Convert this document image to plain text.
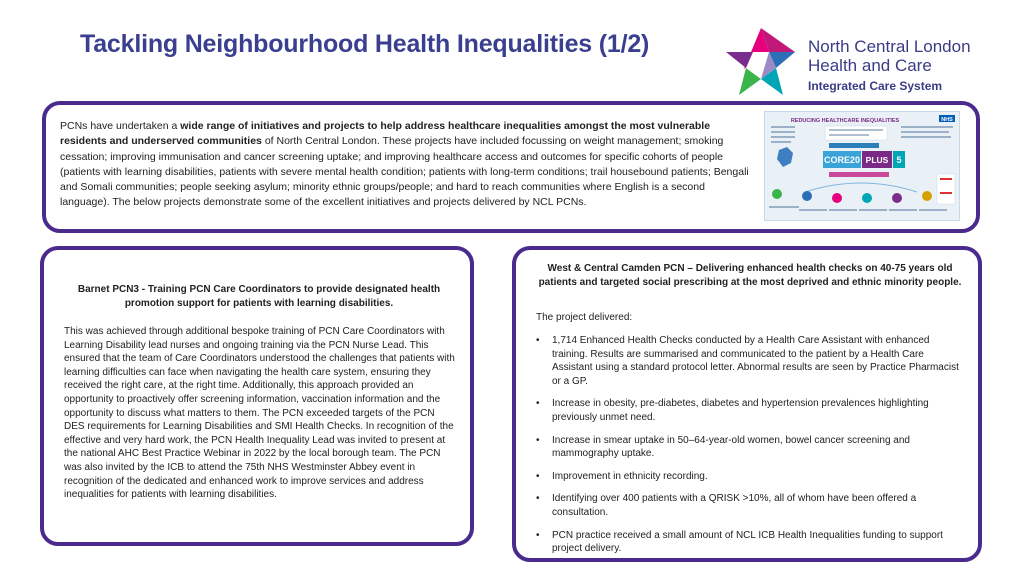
Tackling Neighbourhood Health Inequalities (1/2)	North Central London
Health and Care
Integrated Care System

PCNs have undertaken a wide range of initiatives and projects to help address healthcare inequalities amongst the most vulnerable residents and underserved communities of North Central London. These projects have included focussing on weight management; smoking cessation; improving immunisation and cancer screening uptake; and improving healthcare access and outcomes for specific cohorts of people (patients with learning disabilities, patients with severe mental health condition; patients with long-term conditions; trail housebound patients; Bengali and Somali communities; people seeking asylum; minority ethnic groups/people; and hard to reach communities where English is a second language). The below projects demonstrate some of the excellent initiatives and projects delivered by NCL PCNs.

REDUCING HEALTHCARE INEQUALITIES	NHS
CORE20 PLUS 5
Barnet PCN3 - Training PCN Care Coordinators to provide designated health promotion support for patients with learning disabilities.
This was achieved through additional bespoke training of PCN Care Coordinators with Learning Disability lead nurses and ongoing training via the PCN Nurse Lead. This ensured that the team of Care Coordinators understood the challenges that patients with learning difficulties can face when navigating the health care system, ensuring they received the right care, at the right time. Additionally, this approach provided an opportunity to proactively offer screening information, vaccination information and the opportunity to discuss what matters to them. The PCN exceeded targets of the PCN DES requirements for Learning Disabilities and SMI Health Checks. In recognition of the effective and very hard work, the PCN Health Inequality Lead was invited to present at the national AHC Best Practice Webinar in 2022 by the local borough team. The PCN was also invited by the ICB to attend the 75th NHS Westminster Abbey event in recognition of the dedicated and enhanced work to improve services and address inequalities for patients with learning disabilities.
West & Central Camden PCN – Delivering enhanced health checks on 40-75 years old patients and targeted social prescribing at the most deprived and ethnic minority people.
The project delivered:
• 1,714 Enhanced Health Checks conducted by a Health Care Assistant with enhanced training. Results are summarised and communicated to the patient by a Health Care Assistant using a standard protocol letter. Abnormal results are seen by Practice Pharmacist or a GP.
• Increase in obesity, pre-diabetes, diabetes and hypertension prevalences highlighting previously unmet need.
• Increase in smear uptake in 50–64-year-old women, bowel cancer screening and mammography uptake.
• Improvement in ethnicity recording.
• Identifying over 400 patients with a QRISK >10%, all of whom have been offered a consultation.
• PCN practice received a small amount of NCL ICB Health Inequalities funding to support project delivery.
